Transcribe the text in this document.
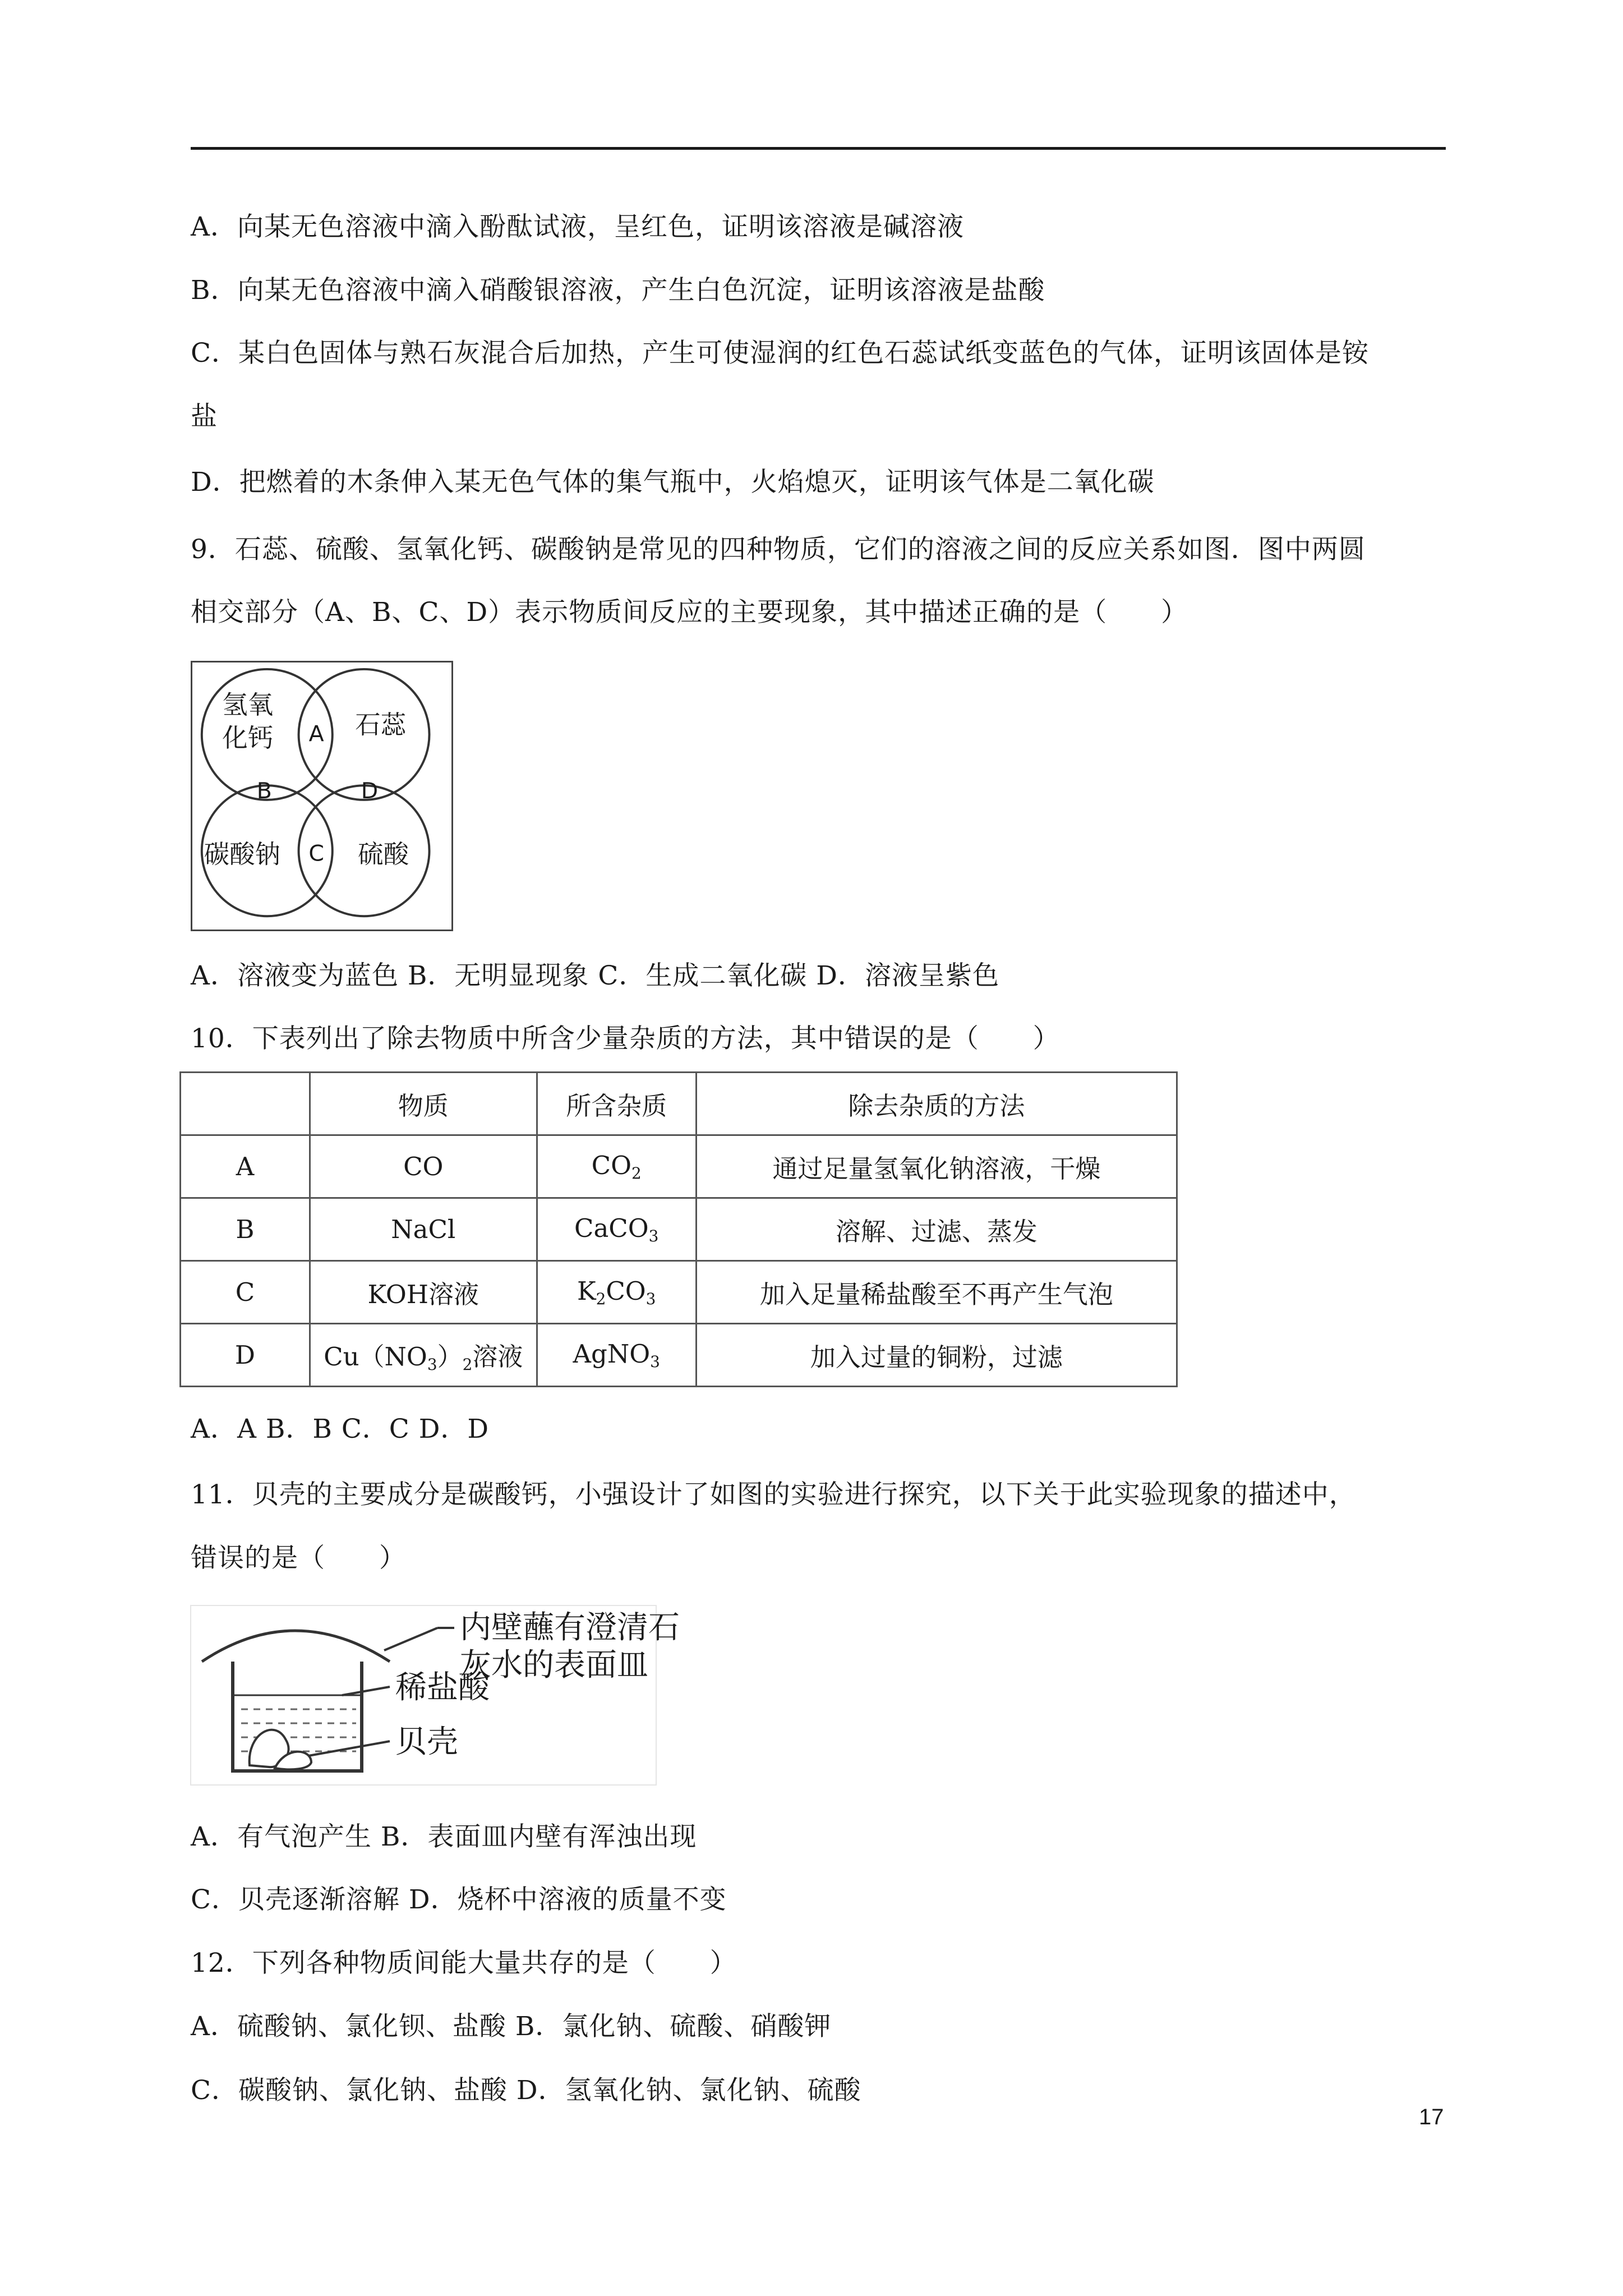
A．向某无色溶液中滴入酚酞试液，呈红色，证明该溶液是碱溶液
B．向某无色溶液中滴入硝酸银溶液，产生白色沉淀，证明该溶液是盐酸
C．某白色固体与熟石灰混合后加热，产生可使湿润的红色石蕊试纸变蓝色的气体，证明该固体是铵
盐
D．把燃着的木条伸入某无色气体的集气瓶中，火焰熄灭，证明该气体是二氧化碳
9．石蕊、硫酸、氢氧化钙、碳酸钠是常见的四种物质，它们的溶液之间的反应关系如图．图中两圆
相交部分（A、B、C、D）表示物质间反应的主要现象，其中描述正确的是（　　）
氢氧
化钙	石蕊
碳酸钠	硫酸
A
B
C
D
A．溶液变为蓝色 B．无明显现象 C．生成二氧化碳 D．溶液呈紫色
10．下表列出了除去物质中所含少量杂质的方法，其中错误的是（　　）
	物质	所含杂质	除去杂质的方法
A	CO	$CO_2$	通过足量氢氧化钠溶液，干燥
B	NaCl	CaCO$_3$	溶解、过滤、蒸发
C	KOH溶液	$K_2CO_3$	加入足量稀盐酸至不再产生气泡
D	$Cu(NO_3)_2$溶液	AgNO$_3$	加入过量的铜粉，过滤
A．A B．B C．C D．D
11．贝壳的主要成分是碳酸钙，小强设计了如图的实验进行探究，以下关于此实验现象的描述中，
错误的是（　　）
内壁蘸有澄清石
灰水的表面皿
稀盐酸
贝壳
A．有气泡产生 B．表面皿内壁有浑浊出现
C．贝壳逐渐溶解 D．烧杯中溶液的质量不变
12．下列各种物质间能大量共存的是（　　）
A．硫酸钠、氯化钡、盐酸 B．氯化钠、硫酸、硝酸钾
C．碳酸钠、氯化钠、盐酸 D．氢氧化钠、氯化钠、硫酸
17
